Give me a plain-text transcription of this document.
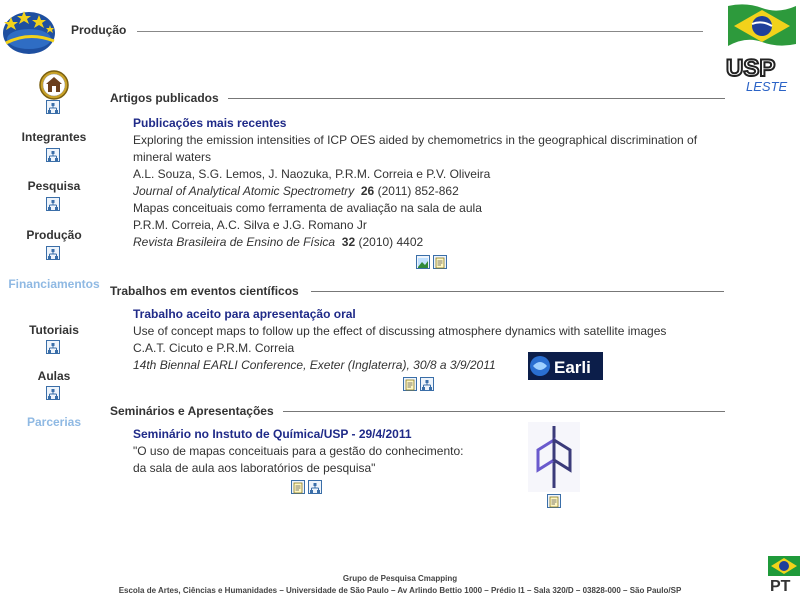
Produção
USP
LESTE
Integrantes
Pesquisa
Produção
Financiamentos
Tutoriais
Aulas
Parcerias
Artigos publicados
Publicações mais recentes
Exploring the emission intensities of ICP OES aided by chemometrics in the geographical discrimination of
mineral waters
A.L. Souza, S.G. Lemos, J. Naozuka, P.R.M. Correia e P.V. Oliveira
Journal of Analytical Atomic Spectrometry 26 (2011) 852-862
Mapas conceituais como ferramenta de avaliação na sala de aula
P.R.M. Correia, A.C. Silva e J.G. Romano Jr
Revista Brasileira de Ensino de Física 32 (2010) 4402
Trabalhos em eventos científicos
Trabalho aceito para apresentação oral
Use of concept maps to follow up the effect of discussing atmosphere dynamics with satellite images
C.A.T. Cicuto e P.R.M. Correia
14th Biennal EARLI Conference, Exeter (Inglaterra), 30/8 a 3/9/2011	Earli
Seminários e Apresentações
Seminário no Instuto de Química/USP - 29/4/2011
"O uso de mapas conceituais para a gestão do conhecimento:
da sala de aula aos laboratórios de pesquisa"
Grupo de Pesquisa Cmapping
Escola de Artes, Ciências e Humanidades – Universidade de São Paulo – Av Arlindo Bettio 1000 – Prédio I1 – Sala 320/D – 03828-000 – São Paulo/SP	PT
